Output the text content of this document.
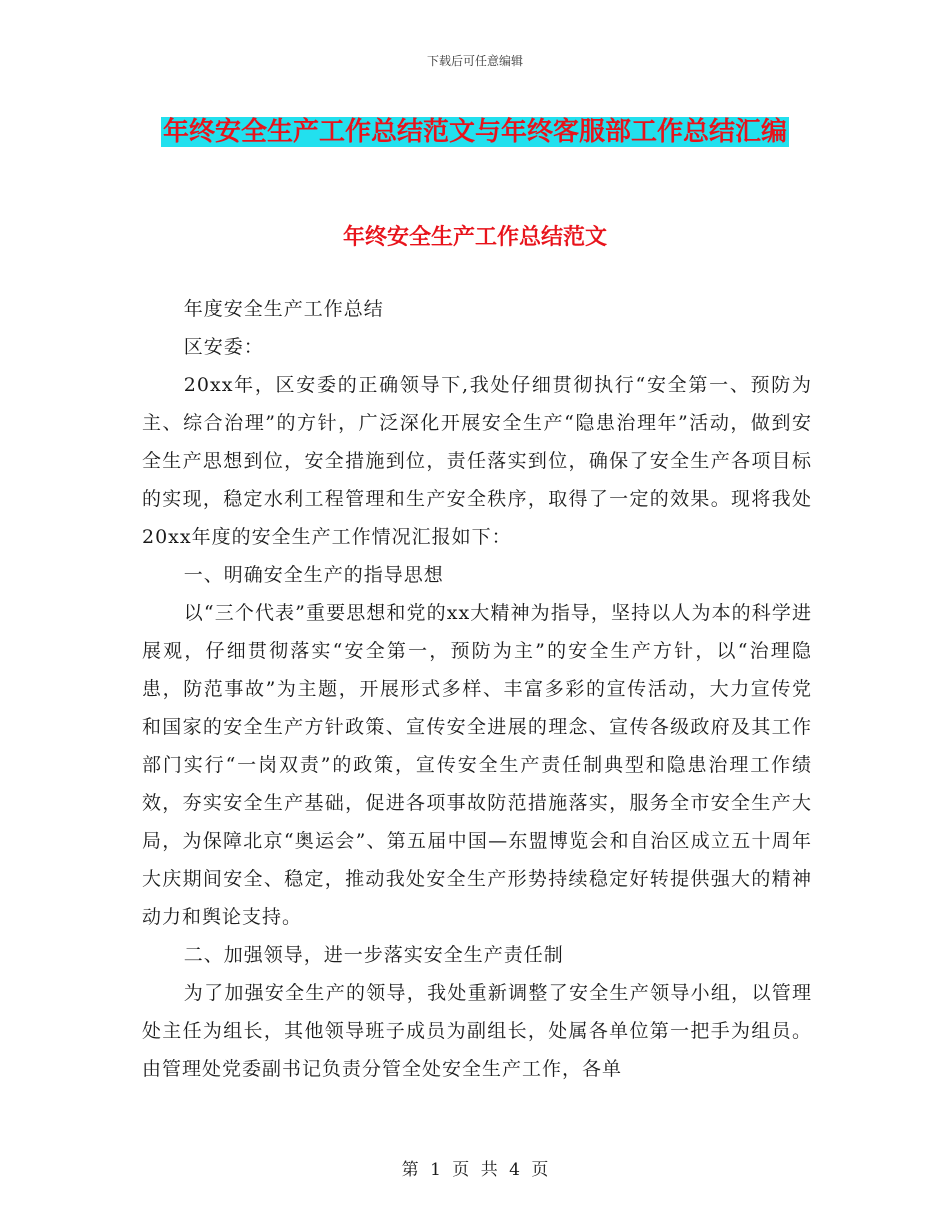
下载后可任意编辑
年终安全生产工作总结范文与年终客服部工作总结汇编
年终安全生产工作总结范文

年度安全生产工作总结

区安委：

20xx年，区安委的正确领导下,我处仔细贯彻执行“安全第一、预防为主、综合治理”的方针，广泛深化开展安全生产“隐患治理年”活动，做到安全生产思想到位，安全措施到位，责任落实到位，确保了安全生产各项目标的实现，稳定水利工程管理和生产安全秩序，取得了一定的效果。现将我处20xx年度的安全生产工作情况汇报如下：

一、明确安全生产的指导思想

以“三个代表”重要思想和党的xx大精神为指导，坚持以人为本的科学进展观，仔细贯彻落实“安全第一，预防为主”的安全生产方针，以“治理隐患，防范事故”为主题，开展形式多样、丰富多彩的宣传活动，大力宣传党和国家的安全生产方针政策、宣传安全进展的理念、宣传各级政府及其工作部门实行“一岗双责”的政策，宣传安全生产责任制典型和隐患治理工作绩效，夯实安全生产基础，促进各项事故防范措施落实，服务全市安全生产大局，为保障北京“奥运会”、第五届中国—东盟博览会和自治区成立五十周年大庆期间安全、稳定，推动我处安全生产形势持续稳定好转提供强大的精神动力和舆论支持。

二、加强领导，进一步落实安全生产责任制

为了加强安全生产的领导，我处重新调整了安全生产领导小组，以管理处主任为组长，其他领导班子成员为副组长，处属各单位第一把手为组员。由管理处党委副书记负责分管全处安全生产工作，各单

第 1 页 共 4 页
